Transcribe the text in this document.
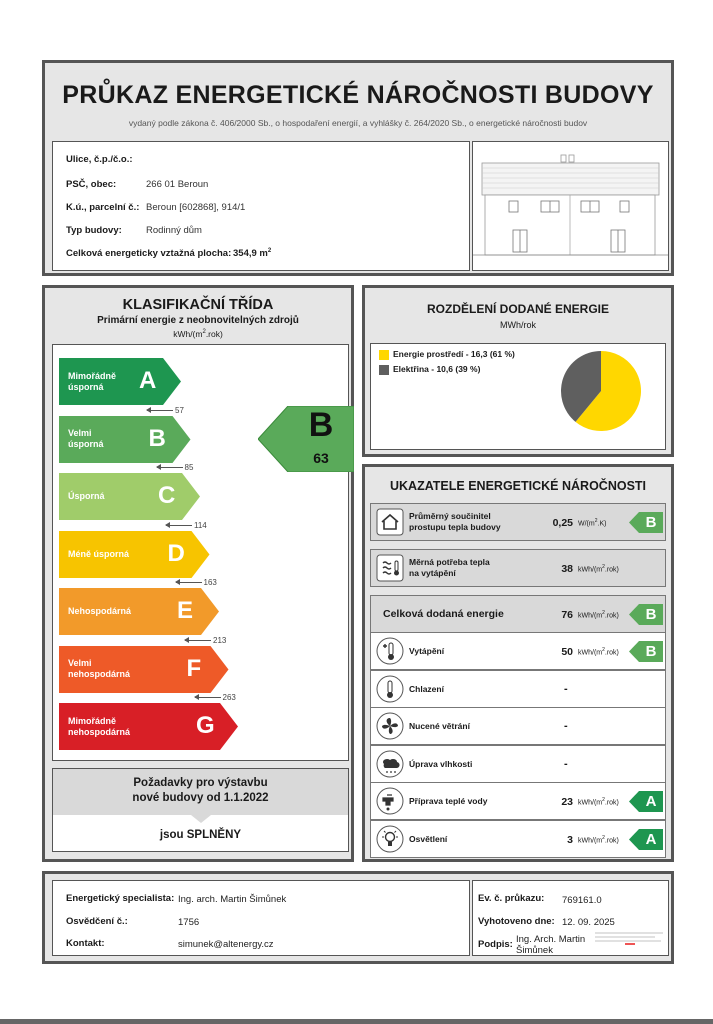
PRŮKAZ ENERGETICKÉ NÁROČNOSTI BUDOVY
vydaný podle zákona č. 406/2000 Sb., o hospodaření energií, a vyhlášky č. 264/2020 Sb., o energetické náročnosti budov
Ulice, č.p./č.o.:
PSČ, obec:	266 01 Beroun
K.ú., parcelní č.: Beroun [602868], 914/1
Typ budovy:	Rodinný dům
Celková energeticky vztažná plocha: 354,9 $m^2$
KLASIFIKAČNÍ TŘÍDA
Primární energie z neobnovitelných zdrojů
kWh/$(m^2.rok)$
B
63
Mimořádně
úsporná	A
Velmi
úsporná B
Úsporná C
Méně úsporná D
Nehospodárná E
Velmi
nehospodárná F
Mimořádně
nehospodárná	G
57
85
114
163
213
263
Požadavky pro výstavbu
nové budovy od 1.1.2022
jsou SPLNĚNY
ROZDĚLENÍ DODANÉ ENERGIE
MWh/rok
Energie prostředí - 16,3 (61 %)
Elektřina - 10,6 (39 %)
UKAZATELE ENERGETICKÉ NÁROČNOSTI
Průměrný součinitel
prostupu tepla budovy	0,25 $W/(m^2.K)$	B
Měrná potřeba tepla
na vytápění	38 kWh/$(m^2.rok)$
Celková dodaná energie	76 kWh/$(m^2.rok)$	B
Vytápění	50 kWh/$(m^2.rok)$	B
Chlazení	-
Nucené větrání	-
Úprava vlhkosti	-
Příprava teplé vody	23 kWh/$(m^2.rok)$	A
Osvětlení	3 kWh/$(m^2.rok)$	A
Energetický specialista: Ing. arch. Martin Šimůnek
Osvědčení č.:	1756
Kontakt:	simunek@altenergy.cz
Ev. č. průkazu: 769161.0
Vyhotoveno dne: 12. 09. 2025
Podpis: Ing. Arch. Martin Šimůnek
